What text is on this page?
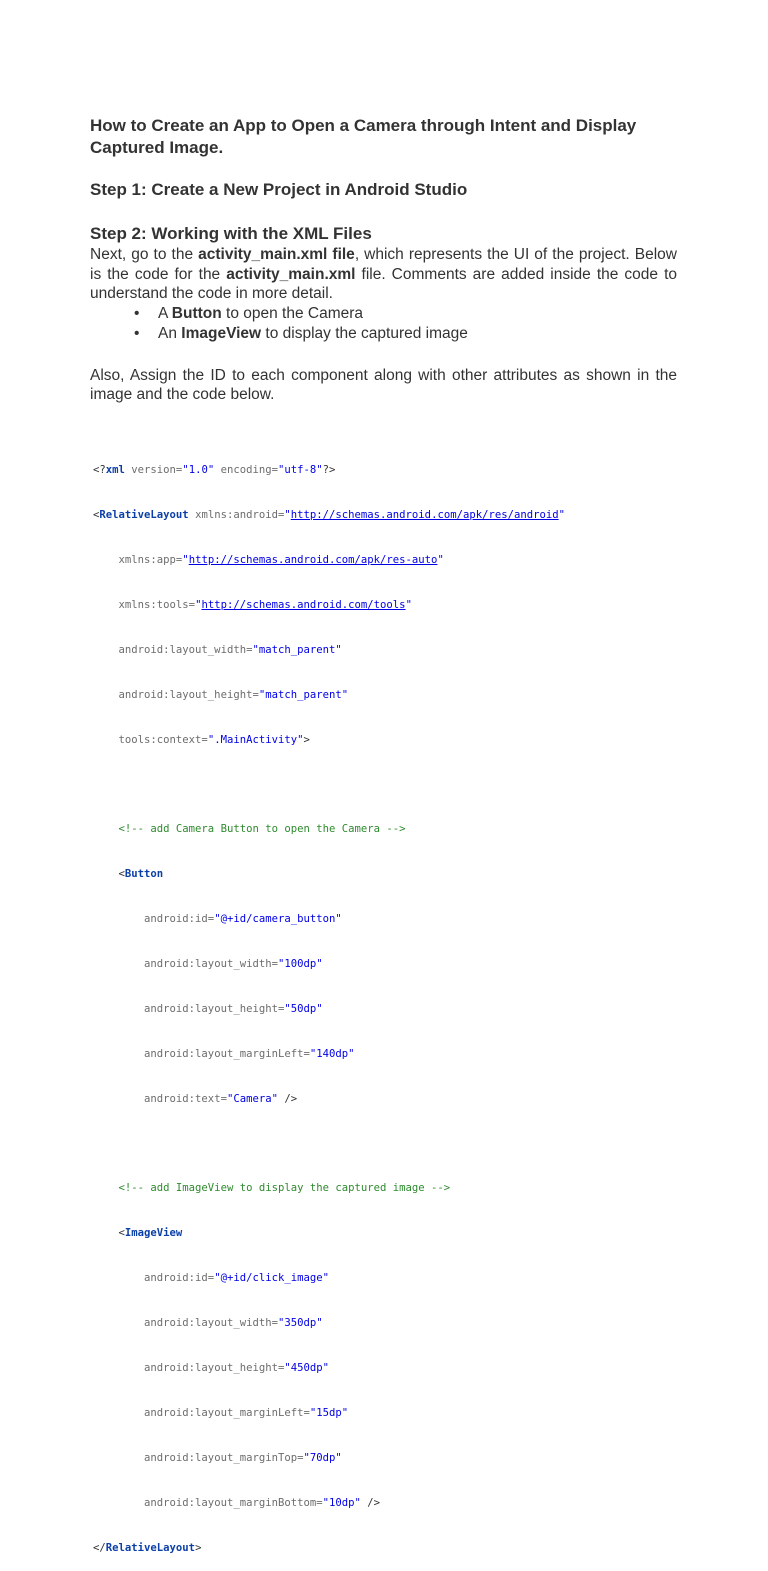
How to Create an App to Open a Camera through Intent and Display Captured Image.

Step 1: Create a New Project in Android Studio

Step 2: Working with the XML Files

Next, go to the activity_main.xml file, which represents the UI of the project. Below is the code for the activity_main.xml file. Comments are added inside the code to understand the code in more detail.

• A Button to open the Camera
• An ImageView to display the captured image

Also, Assign the ID to each component along with other attributes as shown in the image and the code below.

<?xml version="1.0" encoding="utf-8"?>

<RelativeLayout xmlns:android="http://schemas.android.com/apk/res/android"

xmlns:app="http://schemas.android.com/apk/res-auto"

xmlns:tools="http://schemas.android.com/tools"

android:layout_width="match_parent"

android:layout_height="match_parent"

tools:context=".MainActivity">

<!-- add Camera Button to open the Camera -->

<Button

android:id="@+id/camera_button"

android:layout_width="100dp"

android:layout_height="50dp"

android:layout_marginLeft="140dp"

android:text="Camera" />

<!-- add ImageView to display the captured image -->

<ImageView

android:id="@+id/click_image"

android:layout_width="350dp"

android:layout_height="450dp"

android:layout_marginLeft="15dp"

android:layout_marginTop="70dp"

android:layout_marginBottom="10dp" />

</RelativeLayout>
